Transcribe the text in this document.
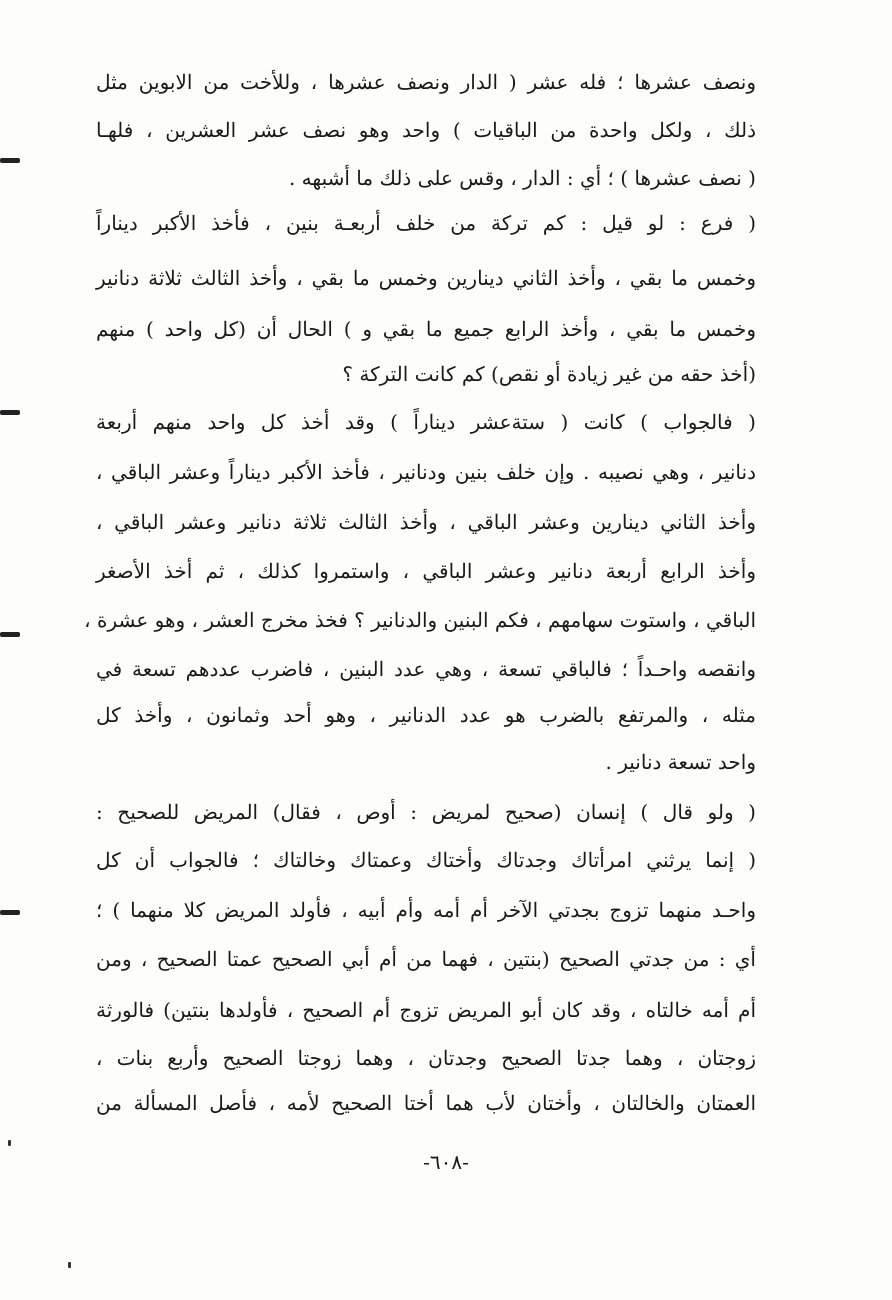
ونصف عشرها ؛ فله عشر ( الدار ونصف عشرها ، وللأخت من الابوين مثل
ذلك ، ولكل واحدة من الباقيات ) واحد وهو نصف عشر العشرين ، فلهـا
( نصف عشرها ) ؛ أي : الدار ، وقس على ذلك ما أشبهه .
( فرع : لو قيل : كم تركة من خلف أربعـة بنين ، فأخذ الأكبر ديناراً
وخمس ما بقي ، وأخذ الثاني دينارين وخمس ما بقي ، وأخذ الثالث ثلاثة دنانير
وخمس ما بقي ، وأخذ الرابع جميع ما بقي و ) الحال أن (كل واحد ) منهم
(أخذ حقه من غير زيادة أو نقص) كم كانت التركة ؟
( فالجواب ) كانت ( ستةعشر ديناراً ) وقد أخذ كل واحد منهم أربعة
دنانير ، وهي نصيبه . وإن خلف بنين ودنانير ، فأخذ الأكبر ديناراً وعشر الباقي ،
وأخذ الثاني دينارين وعشر الباقي ، وأخذ الثالث ثلاثة دنانير وعشر الباقي ،
وأخذ الرابع أربعة دنانير وعشر الباقي ، واستمروا كذلك ، ثم أخذ الأصغر
الباقي ، واستوت سهامهم ، فكم البنين والدنانير ؟ فخذ مخرج العشر ، وهو عشرة ،
وانقصه واحـداً ؛ فالباقي تسعة ، وهي عدد البنين ، فاضرب عددهم تسعة في
مثله ، والمرتفع بالضرب هو عدد الدنانير ، وهو أحد وثمانون ، وأخذ كل
واحد تسعة دنانير .
( ولو قال ) إنسان (صحيح لمريض : أوص ، فقال) المريض للصحيح :
( إنما يرثني امرأتاك وجدتاك وأختاك وعمتاك وخالتاك ؛ فالجواب أن كل
واحـد منهما تزوج بجدتي الآخر أم أمه وأم أبيه ، فأولد المريض كلا منهما ) ؛
أي : من جدتي الصحيح (بنتين ، فهما من أم أبي الصحيح عمتا الصحيح ، ومن
أم أمه خالتاه ، وقد كان أبو المريض تزوج أم الصحيح ، فأولدها بنتين) فالورثة
زوجتان ، وهما جدتا الصحيح وجدتان ، وهما زوجتا الصحيح وأربع بنات ،
العمتان والخالتان ، وأختان لأب هما أختا الصحيح لأمه ، فأصل المسألة من
-٦٠٨-
